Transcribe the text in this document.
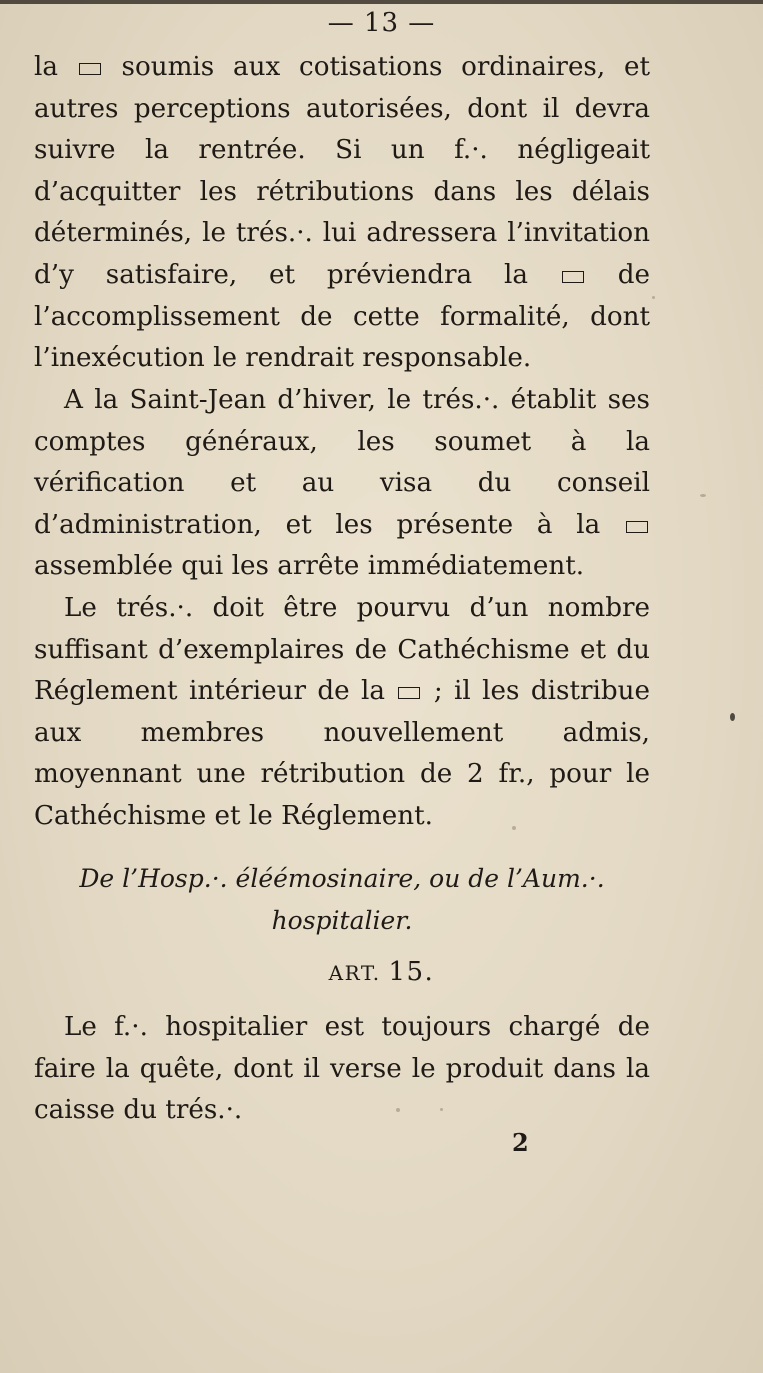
— 13 —

la soumis aux cotisations ordinaires, et autres perceptions autorisées, dont il devra suivre la rentrée. Si un f.·. négligeait d’acquitter les rétributions dans les délais déterminés, le trés.·. lui adressera l’invitation d’y satisfaire, et préviendra la	de l’accomplissement de cette formalité, dont l’inexécution le rendrait responsable.

A la Saint-Jean d’hiver, le trés.·. établit ses comptes généraux, les soumet à la vérification et au visa du conseil d’administration, et les présente à la  assemblée qui les arrête immédiatement.

Le trés.·. doit être pourvu d’un nombre suffisant d’exemplaires de Cathéchisme et du Réglement intérieur de la ; il les distribue aux membres nouvellement admis, moyennant une rétribution de 2 fr., pour le Cathéchisme et le Réglement.

De l’Hosp.·. éléémosinaire, ou de l’Aum.·.
hospitalier.
ART. 15.

Le f.·. hospitalier est toujours chargé de faire la quête, dont il verse le produit dans la caisse du trés.·.

2
